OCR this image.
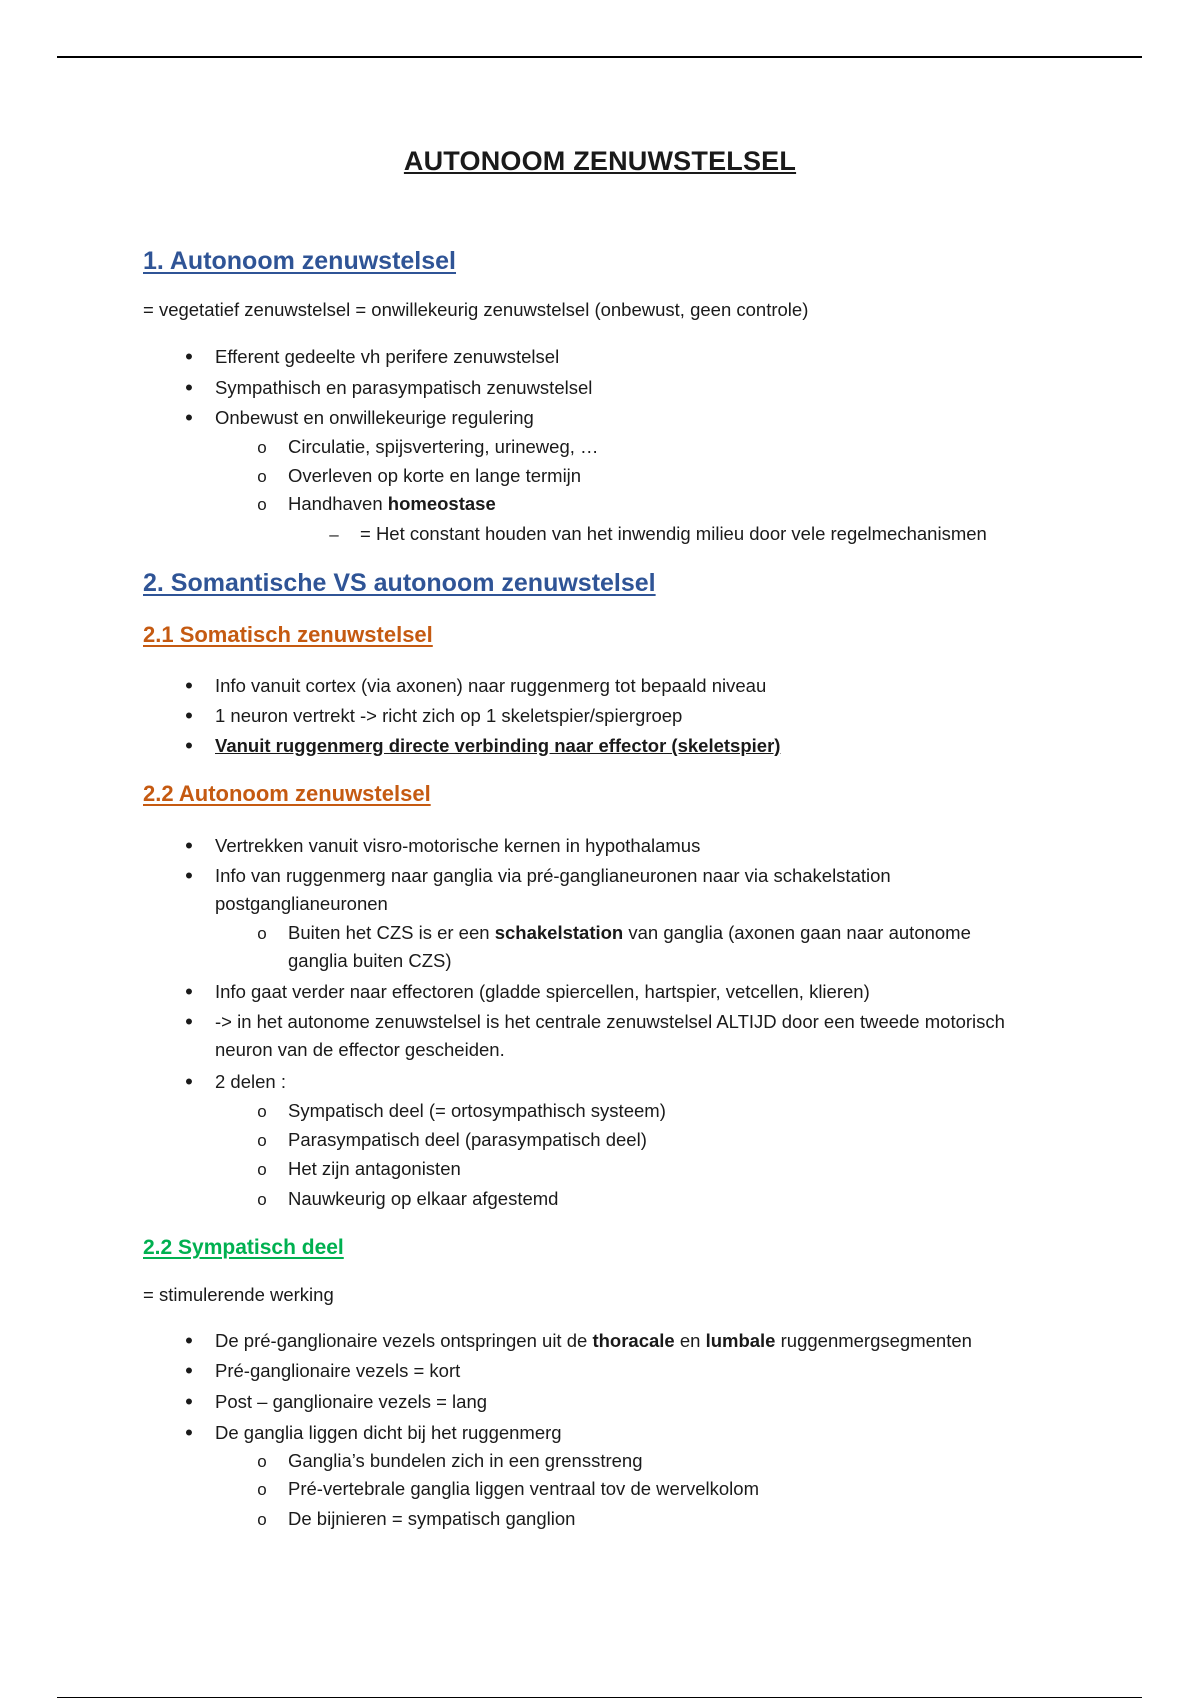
AUTONOOM ZENUWSTELSEL
1. Autonoom zenuwstelsel
= vegetatief zenuwstelsel = onwillekeurig zenuwstelsel (onbewust, geen controle)
•
Efferent gedeelte vh perifere zenuwstelsel
•
Sympathisch en parasympatisch zenuwstelsel
•
Onbewust en onwillekeurige regulering
o
Circulatie, spijsvertering, urineweg, …
o
Overleven op korte en lange termijn
o
Handhaven homeostase
–
= Het constant houden van het inwendig milieu door vele regelmechanismen
2. Somantische VS autonoom zenuwstelsel
2.1 Somatisch zenuwstelsel
•
Info vanuit cortex (via axonen) naar ruggenmerg tot bepaald niveau
•
1 neuron vertrekt -> richt zich op 1 skeletspier/spiergroep
•
Vanuit ruggenmerg directe verbinding naar effector (skeletspier)
2.2 Autonoom zenuwstelsel
•
Vertrekken vanuit visro-motorische kernen in hypothalamus
•
Info van ruggenmerg naar ganglia via pré-ganglianeuronen naar via schakelstation postganglianeuronen
o
Buiten het CZS is er een schakelstation van ganglia (axonen gaan naar autonome ganglia buiten CZS)
•
Info gaat verder naar effectoren (gladde spiercellen, hartspier, vetcellen, klieren)
•
-> in het autonome zenuwstelsel is het centrale zenuwstelsel ALTIJD door een tweede motorisch neuron van de effector gescheiden.
•
2 delen :
o
Sympatisch deel (= ortosympathisch systeem)
o
Parasympatisch deel (parasympatisch deel)
o
Het zijn antagonisten
o
Nauwkeurig op elkaar afgestemd
2.2 Sympatisch deel
= stimulerende werking
•
De pré-ganglionaire vezels ontspringen uit de thoracale en lumbale ruggenmergsegmenten
•
Pré-ganglionaire vezels = kort
•
Post – ganglionaire vezels = lang
•
De ganglia liggen dicht bij het ruggenmerg
o
Ganglia’s bundelen zich in een grensstreng
o
Pré-vertebrale ganglia liggen ventraal tov de wervelkolom
o
De bijnieren = sympatisch ganglion
